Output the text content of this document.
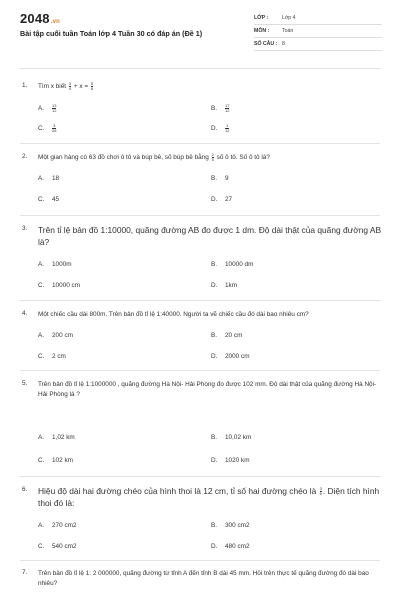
2048.vn
Bài tập cuối tuần Toán lớp 4 Tuần 30 có đáp án (Đề 1)
LỚP :	Lớp 4
MÔN : Toán
SỐ CÂU : 8
1. Tìm x biết $\frac{3}{4} + x = \frac{5}{6}$
A. $\frac{13}{12}$	B. $\frac{17}{12}$
C. $\frac{3}{26}$	D. $\frac{1}{12}$
2. Một gian hàng có 63 đồ chơi ô tô và búp bê, số búp bê bằng $\frac{2}{5}$ số ô tô. Số ô tô là?
A. 18	B. 9
C. 45	D. 27
3. Trên tỉ lệ bản đồ 1:10000, quãng đường AB đo được 1 dm. Độ dài thật của quãng đường AB là?
A. 1000m	B. 10000 dm
C. 10000 cm	D. 1km
4. Một chiếc cầu dài 800m. Trên bản đồ tỉ lệ 1:40000. Người ta vẽ chiếc cầu đó dài bao nhiêu cm?
A. 200 cm	B. 20 cm
C. 2 cm	D. 2000 cm
5. Trên bản đồ tỉ lệ 1:1000000 , quãng đường Hà Nội- Hải Phòng đo được 102 mm. Độ dài thật của quãng đường Hà Nội- Hải Phòng là ?
A. 1,02 km	B. 10,02 km
C. 102 km	D. 1020 km
6. Hiệu độ dài hai đường chéo của hình thoi là 12 cm, tỉ số hai đường chéo là $\frac{3}{5}$ . Diện tích hình thoi đó là:
A. 270 cm2	B. 300 cm2
C. 540 cm2	D. 480 cm2
7. Trên bản đồ tỉ lệ 1: 2 000000, quãng đường từ tỉnh A đến tỉnh B dài 45 mm. Hỏi trên thực tế quãng đường đó dài bao nhiêu?
